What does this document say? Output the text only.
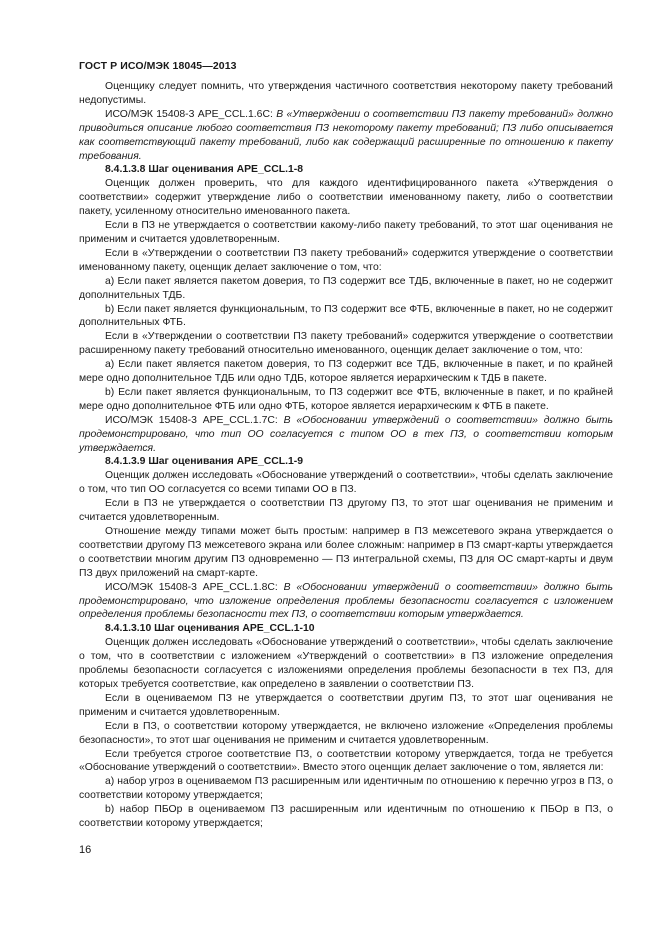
ГОСТ Р ИСО/МЭК 18045—2013

Оценщику следует помнить, что утверждения частичного соответствия некоторому пакету требований недопустимы.

ИСО/МЭК 15408-3 APE_CCL.1.6C: В «Утверждении о соответствии ПЗ пакету требований» должно приводиться описание любого соответствия ПЗ некоторому пакету требований; ПЗ либо описывается как соответствующий пакету требований, либо как содержащий расширенные по отношению к пакету требования.

8.4.1.3.8 Шаг оценивания APE_CCL.1-8

Оценщик должен проверить, что для каждого идентифицированного пакета «Утверждения о соответствии» содержит утверждение либо о соответствии именованному пакету, либо о соответствии пакету, усиленному относительно именованного пакета.

Если в ПЗ не утверждается о соответствии какому-либо пакету требований, то этот шаг оценивания не применим и считается удовлетворенным.

Если в «Утверждении о соответствии ПЗ пакету требований» содержится утверждение о соответствии именованному пакету, оценщик делает заключение о том, что:

a) Если пакет является пакетом доверия, то ПЗ содержит все ТДБ, включенные в пакет, но не содержит дополнительных ТДБ.

b) Если пакет является функциональным, то ПЗ содержит все ФТБ, включенные в пакет, но не содержит дополнительных ФТБ.

Если в «Утверждении о соответствии ПЗ пакету требований» содержится утверждение о соответствии расширенному пакету требований относительно именованного, оценщик делает заключение о том, что:

a) Если пакет является пакетом доверия, то ПЗ содержит все ТДБ, включенные в пакет, и по крайней мере одно дополнительное ТДБ или одно ТДБ, которое является иерархическим к ТДБ в пакете.

b) Если пакет является функциональным, то ПЗ содержит все ФТБ, включенные в пакет, и по крайней мере одно дополнительное ФТБ или одно ФТБ, которое является иерархическим к ФТБ в пакете.

ИСО/МЭК 15408-3 APE_CCL.1.7C: В «Обосновании утверждений о соответствии» должно быть продемонстрировано, что тип ОО согласуется с типом ОО в тех ПЗ, о соответствии которым утверждается.

8.4.1.3.9 Шаг оценивания APE_CCL.1-9

Оценщик должен исследовать «Обоснование утверждений о соответствии», чтобы сделать заключение о том, что тип ОО согласуется со всеми типами ОО в ПЗ.

Если в ПЗ не утверждается о соответствии ПЗ другому ПЗ, то этот шаг оценивания не применим и считается удовлетворенным.

Отношение между типами может быть простым: например в ПЗ межсетевого экрана утверждается о соответствии другому ПЗ межсетевого экрана или более сложным: например в ПЗ смарт-карты утверждается о соответствии многим другим ПЗ одновременно — ПЗ интегральной схемы, ПЗ для ОС смарт-карты и двум ПЗ двух приложений на смарт-карте.

ИСО/МЭК 15408-3 APE_CCL.1.8C: В «Обосновании утверждений о соответствии» должно быть продемонстрировано, что изложение определения проблемы безопасности согласуется с изложением определения проблемы безопасности тех ПЗ, о соответствии которым утверждается.

8.4.1.3.10 Шаг оценивания APE_CCL.1-10

Оценщик должен исследовать «Обоснование утверждений о соответствии», чтобы сделать заключение о том, что в соответствии с изложением «Утверждений о соответствии» в ПЗ изложение определения проблемы безопасности согласуется с изложениями определения проблемы безопасности в тех ПЗ, для которых требуется соответствие, как определено в заявлении о соответствии ПЗ.

Если в оцениваемом ПЗ не утверждается о соответствии другим ПЗ, то этот шаг оценивания не применим и считается удовлетворенным.

Если в ПЗ, о соответствии которому утверждается, не включено изложение «Определения проблемы безопасности», то этот шаг оценивания не применим и считается удовлетворенным.

Если требуется строгое соответствие ПЗ, о соответствии которому утверждается, тогда не требуется «Обоснование утверждений о соответствии». Вместо этого оценщик делает заключение о том, является ли:

a) набор угроз в оцениваемом ПЗ расширенным или идентичным по отношению к перечню угроз в ПЗ, о соответствии которому утверждается;

b) набор ПБОр в оцениваемом ПЗ расширенным или идентичным по отношению к ПБОр в ПЗ, о соответствии которому утверждается;

16
